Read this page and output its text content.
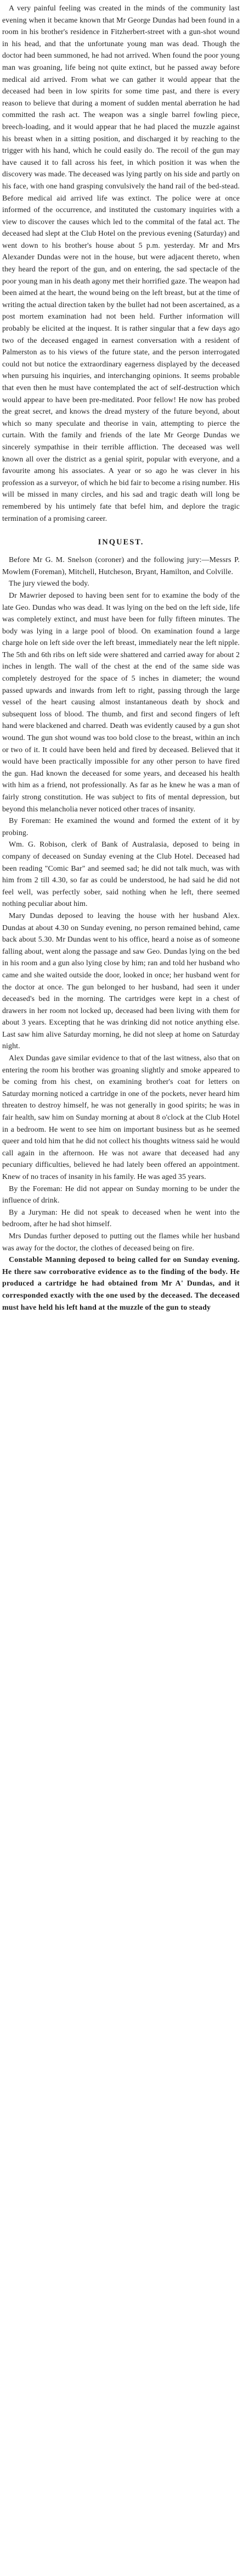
A very painful feeling was created in the minds of the community last evening when it became known that Mr George Dundas had been found in a room in his brother's residence in Fitzherbert-street with a gun-shot wound in his head, and that the unfortunate young man was dead. Though the doctor had been summoned, he had not arrived. When found the poor young man was groaning, life being not quite extinct, but he passed away before medical aid arrived. From what we can gather it would appear that the deceased had been in low spirits for some time past, and there is every reason to believe that during a moment of sudden mental aberration he had committed the rash act. The weapon was a single barrel fowling piece, breech-loading, and it would appear that he had placed the muzzle against his breast when in a sitting position, and discharged it by reaching to the trigger with his hand, which he could easily do. The recoil of the gun may have caused it to fall across his feet, in which position it was when the discovery was made. The deceased was lying partly on his side and partly on his face, with one hand grasping convulsively the hand rail of the bed-stead. Before medical aid arrived life was extinct. The police were at once informed of the occurrence, and instituted the customary inquiries with a view to discover the causes which led to the commital of the fatal act. The deceased had slept at the Club Hotel on the previous evening (Saturday) and went down to his brother's house about 5 p.m. yesterday. Mr and Mrs Alexander Dundas were not in the house, but were adjacent thereto, when they heard the report of the gun, and on entering, the sad spectacle of the poor young man in his death agony met their horrified gaze. The weapon had been aimed at the heart, the wound being on the left breast, but at the time of writing the actual direction taken by the bullet had not been ascertained, as a post mortem examination had not been held. Further information will probably be elicited at the inquest. It is rather singular that a few days ago two of the deceased engaged in earnest conversation with a resident of Palmerston as to his views of the future state, and the person interrogated could not but notice the extraordinary eagerness displayed by the deceased when pursuing his inquiries, and interchanging opinions. It seems probable that even then he must have contemplated the act of self-destruction which would appear to have been pre-meditated. Poor fellow! He now has probed the great secret, and knows the dread mystery of the future beyond, about which so many speculate and theorise in vain, attempting to pierce the curtain. With the family and friends of the late Mr George Dundas we sincerely sympathise in their terrible affliction. The deceased was well known all over the district as a genial spirit, popular with everyone, and a favourite among his associates. A year or so ago he was clever in his profession as a surveyor, of which he bid fair to become a rising number. His will be missed in many circles, and his sad and tragic death will long be remembered by his untimely fate that befel him, and deplore the tragic termination of a promising career.

INQUEST.

Before Mr G. M. Snelson (coroner) and the following jury:—Messrs P. Mowlem (Foreman), Mitchell, Hutcheson, Bryant, Hamilton, and Colville.

The jury viewed the body.

Dr Mawrier deposed to having been sent for to examine the body of the late Geo. Dundas who was dead. It was lying on the bed on the left side, life was completely extinct, and must have been for fully fifteen minutes. The body was lying in a large pool of blood. On examination found a large charge hole on left side over the left breast, immediately near the left nipple. The 5th and 6th ribs on left side were shattered and carried away for about 2 inches in length. The wall of the chest at the end of the same side was completely destroyed for the space of 5 inches in diameter; the wound passed upwards and inwards from left to right, passing through the large vessel of the heart causing almost instantaneous death by shock and subsequent loss of blood. The thumb, and first and second fingers of left hand were blackened and charred. Death was evidently caused by a gun shot wound. The gun shot wound was too bold close to the breast, within an inch or two of it. It could have been held and fired by deceased. Believed that it would have been practically impossible for any other person to have fired the gun. Had known the deceased for some years, and deceased his health with him as a friend, not professionally. As far as he knew he was a man of fairly strong constitution. He was subject to fits of mental depression, but beyond this melancholia never noticed other traces of insanity.

By Foreman: He examined the wound and formed the extent of it by probing.

Wm. G. Robison, clerk of Bank of Australasia, deposed to being in company of deceased on Sunday evening at the Club Hotel. Deceased had been reading "Comic Bar" and seemed sad; he did not talk much, was with him from 2 till 4.30, so far as could be understood, he had said he did not feel well, was perfectly sober, said nothing when he left, there seemed nothing peculiar about him.

Mary Dundas deposed to leaving the house with her husband Alex. Dundas at about 4.30 on Sunday evening, no person remained behind, came back about 5.30. Mr Dundas went to his office, heard a noise as of someone falling about, went along the passage and saw Geo. Dundas lying on the bed in his room and a gun also lying close by him; ran and told her husband who came and she waited outside the door, looked in once; her husband went for the doctor at once. The gun belonged to her husband, had seen it under deceased's bed in the morning. The cartridges were kept in a chest of drawers in her room not locked up, deceased had been living with them for about 3 years. Excepting that he was drinking did not notice anything else. Last saw him alive Saturday morning, he did not sleep at home on Saturday night.

Alex Dundas gave similar evidence to that of the last witness, also that on entering the room his brother was groaning slightly and smoke appeared to be coming from his chest, on examining brother's coat for letters on Saturday morning noticed a cartridge in one of the pockets, never heard him threaten to destroy himself, he was not generally in good spirits; he was in fair health, saw him on Sunday morning at about 8 o'clock at the Club Hotel in a bedroom. He went to see him on important business but as he seemed queer and told him that he did not collect his thoughts witness said he would call again in the afternoon. He was not aware that deceased had any pecuniary difficulties, believed he had lately been offered an appointment. Knew of no traces of insanity in his family. He was aged 35 years.

By the Foreman: He did not appear on Sunday morning to be under the influence of drink.

By a Juryman: He did not speak to deceased when he went into the bedroom, after he had shot himself.

Mrs Dundas further deposed to putting out the flames while her husband was away for the doctor, the clothes of deceased being on fire.

Constable Manning deposed to being called for on Sunday evening. He there saw corroborative evidence as to the finding of the body. He produced a cartridge he had obtained from Mr A' Dundas, and it corresponded exactly with the one used by the deceased. The deceased must have held his left hand at the muzzle of the gun to steady
